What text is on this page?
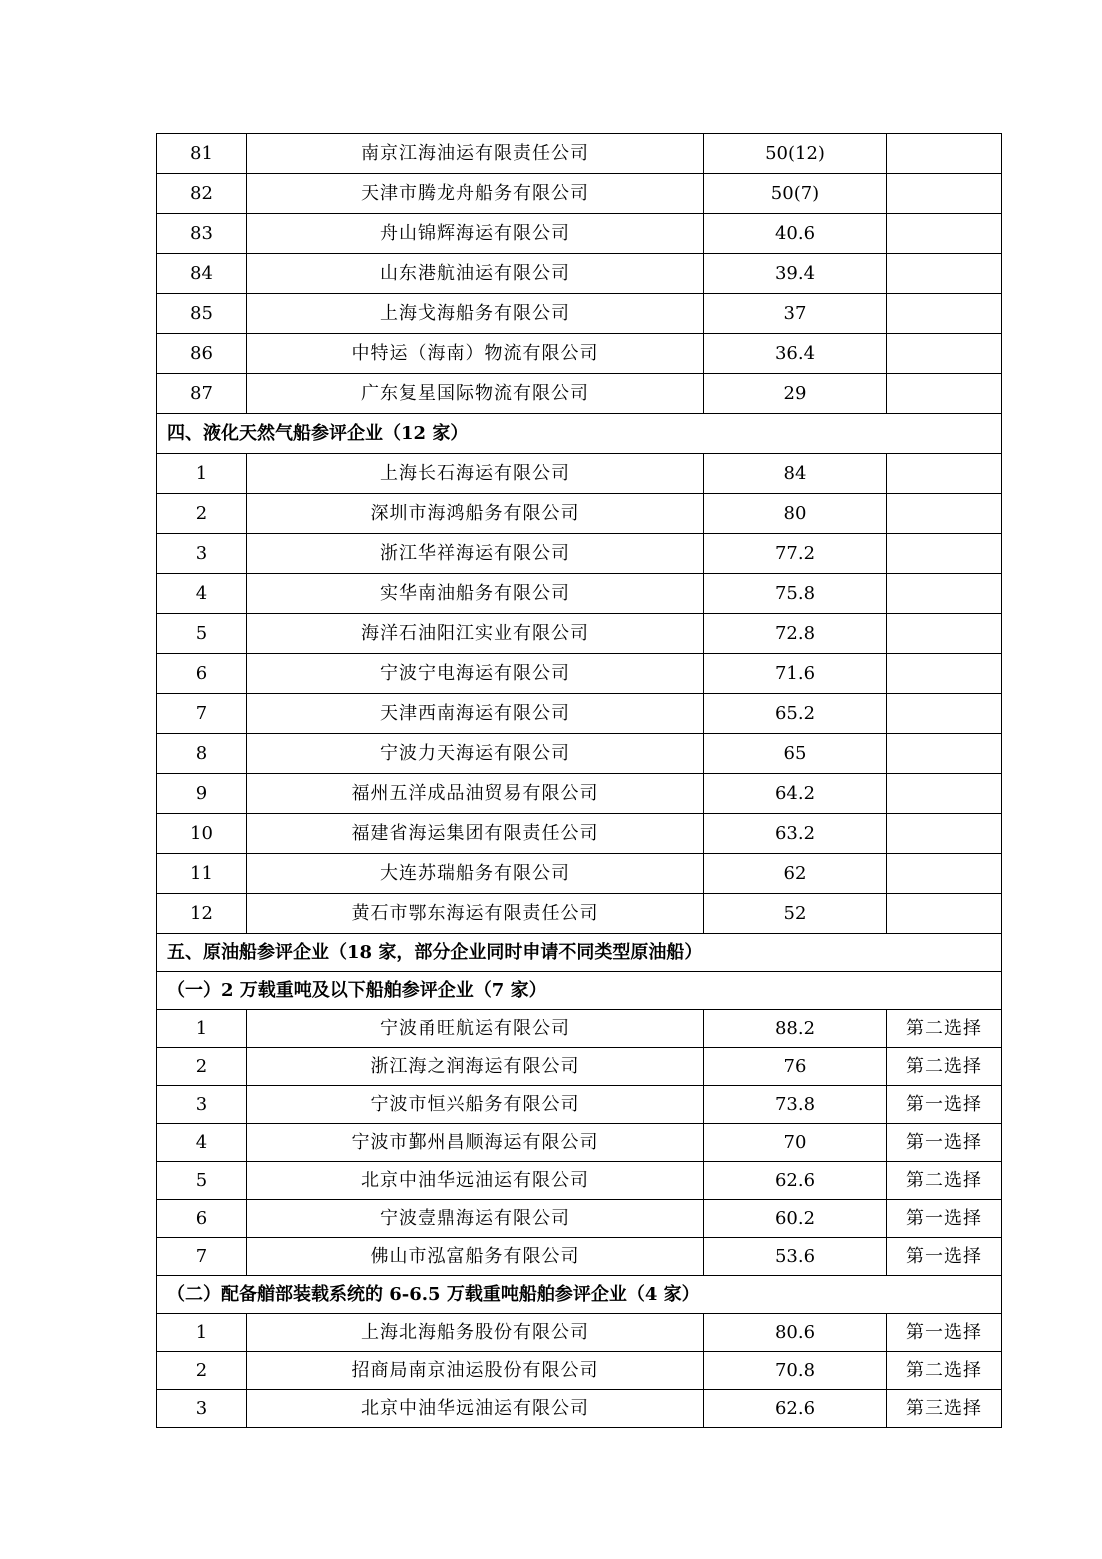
81	南京江海油运有限责任公司	50(12)	
82	天津市腾龙舟船务有限公司	50(7)	
83	舟山锦辉海运有限公司	40.6	
84	山东港航油运有限公司	39.4	
85	上海戈海船务有限公司	37	
86	中特运（海南）物流有限公司	36.4	
87	广东复星国际物流有限公司	29	
四、液化天然气船参评企业（12 家）			
1	上海长石海运有限公司	84	
2	深圳市海鸿船务有限公司	80	
3	浙江华祥海运有限公司	77.2	
4	实华南油船务有限公司	75.8	
5	海洋石油阳江实业有限公司	72.8	
6	宁波宁电海运有限公司	71.6	
7	天津西南海运有限公司	65.2	
8	宁波力天海运有限公司	65	
9	福州五洋成品油贸易有限公司	64.2	
10	福建省海运集团有限责任公司	63.2	
11	大连苏瑞船务有限公司	62	
12	黄石市鄂东海运有限责任公司	52	
五、原油船参评企业（18 家，部分企业同时申请不同类型原油船）			
（一）2 万载重吨及以下船舶参评企业（7 家）			
1	宁波甬旺航运有限公司	88.2	第二选择
2	浙江海之润海运有限公司	76	第二选择
3	宁波市恒兴船务有限公司	73.8	第一选择
4	宁波市鄞州昌顺海运有限公司	70	第一选择
5	北京中油华远油运有限公司	62.6	第二选择
6	宁波壹鼎海运有限公司	60.2	第一选择
7	佛山市泓富船务有限公司	53.6	第一选择
（二）配备艏部装载系统的 6-6.5 万载重吨船舶参评企业（4 家）			
1	上海北海船务股份有限公司	80.6	第一选择
2	招商局南京油运股份有限公司	70.8	第二选择
3	北京中油华远油运有限公司	62.6	第三选择
